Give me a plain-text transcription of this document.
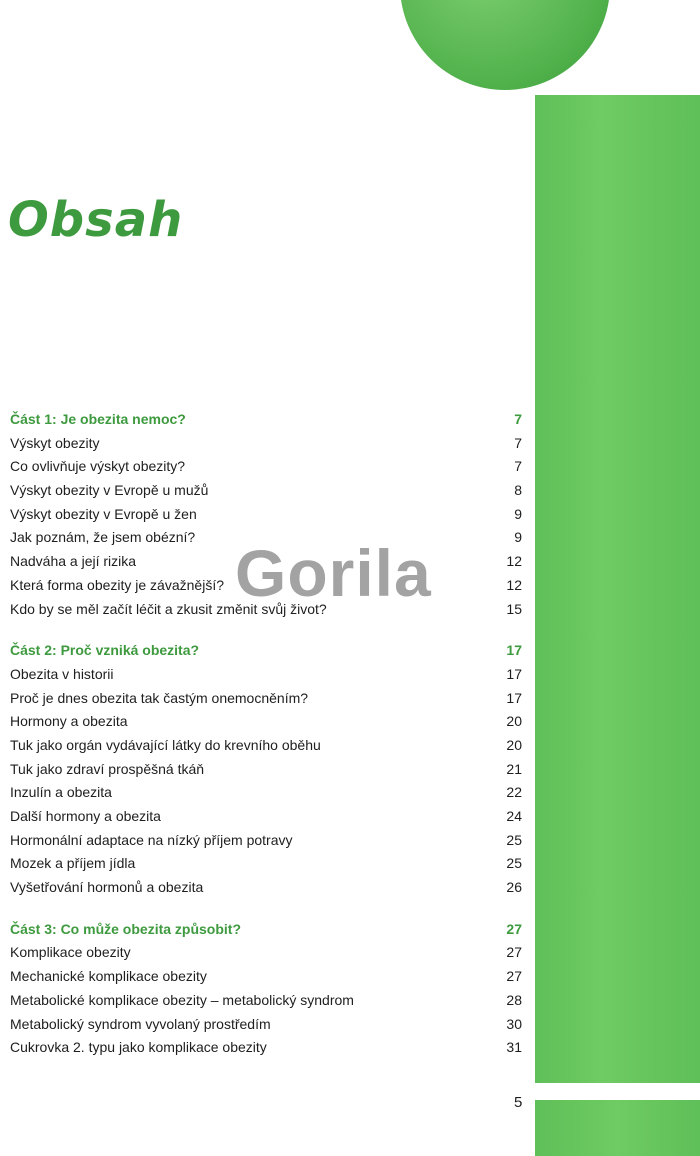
Obsah
Část 1: Je obezita nemoc?	7
Výskyt obezity	7
Co ovlivňuje výskyt obezity?	7
Výskyt obezity v Evropě u mužů	8
Výskyt obezity v Evropě u žen	9
Jak poznám, že jsem obézní?	9
Nadváha a její rizika	12
Která forma obezity je závažnější?	12
Kdo by se měl začít léčit a zkusit změnit svůj život?	15
Část 2: Proč vzniká obezita?	17
Obezita v historii	17
Proč je dnes obezita tak častým onemocněním?	17
Hormony a obezita	20
Tuk jako orgán vydávající látky do krevního oběhu	20
Tuk jako zdraví prospěšná tkáň	21
Inzulín a obezita	22
Další hormony a obezita	24
Hormonální adaptace na nízký příjem potravy	25
Mozek a příjem jídla	25
Vyšetřování hormonů a obezita	26
Část 3: Co může obezita způsobit?	27
Komplikace obezity	27
Mechanické komplikace obezity	27
Metabolické komplikace obezity – metabolický syndrom	28
Metabolický syndrom vyvolaný prostředím	30
Cukrovka 2. typu jako komplikace obezity	31
Gorila
5
